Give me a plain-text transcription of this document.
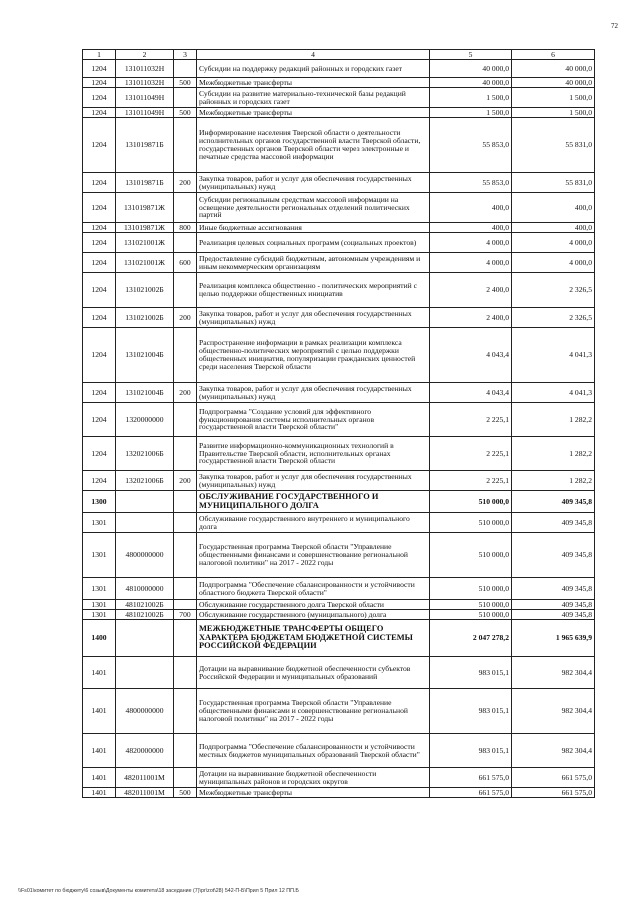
72
1	2	3	4	5	6
1204	131011032Н		Субсидии на поддержку редакций районных и городских газет	40 000,0	40 000,0
1204	131011032Н	500	Межбюджетные трансферты	40 000,0	40 000,0
1204	131011049Н		Субсидии на развитие материально-технической базы редакций районных и городских газет	1 500,0	1 500,0
1204	131011049Н	500	Межбюджетные трансферты	1 500,0	1 500,0
1204	131019871Б		Информирование населения Тверской области о деятельности исполнительных органов государственной власти Тверской области, государственных органов Тверской области через электронные и печатные средства массовой информации	55 853,0	55 831,0
1204	131019871Б	200	Закупка товаров, работ и услуг для обеспечения государственных (муниципальных) нужд	55 853,0	55 831,0
1204	131019871Ж		Субсидии региональным средствам массовой информации на освещение деятельности региональных отделений политических партий	400,0	400,0
1204	131019871Ж	800	Иные бюджетные ассигнования	400,0	400,0
1204	131021001Ж		Реализация целевых социальных программ (социальных проектов)	4 000,0	4 000,0
1204	131021001Ж	600	Предоставление субсидий бюджетным, автономным учреждениям и иным некоммерческим организациям	4 000,0	4 000,0
1204	131021002Б		Реализация комплекса общественно - политических мероприятий с целью поддержки общественных инициатив	2 400,0	2 326,5
1204	131021002Б	200	Закупка товаров, работ и услуг для обеспечения государственных (муниципальных) нужд	2 400,0	2 326,5
1204	131021004Б		Распространение информации в рамках реализации комплекса общественно-политических мероприятий с целью поддержки общественных инициатив, популяризации гражданских ценностей среди населения Тверской области	4 043,4	4 041,3
1204	131021004Б	200	Закупка товаров, работ и услуг для обеспечения государственных (муниципальных) нужд	4 043,4	4 041,3
1204	1320000000		Подпрограмма "Создание условий для эффективного функционирования системы исполнительных органов государственной власти Тверской области"	2 225,1	1 282,2
1204	132021006Б		Развитие информационно-коммуникационных технологий в Правительстве Тверской области, исполнительных органах государственной власти Тверской области	2 225,1	1 282,2
1204	132021006Б	200	Закупка товаров, работ и услуг для обеспечения государственных (муниципальных) нужд	2 225,1	1 282,2
1300			ОБСЛУЖИВАНИЕ ГОСУДАРСТВЕННОГО И МУНИЦИПАЛЬНОГО ДОЛГА	510 000,0	409 345,8
1301			Обслуживание государственного внутреннего и муниципального долга	510 000,0	409 345,8
1301	4800000000		Государственная программа Тверской области "Управление общественными финансами и совершенствование региональной налоговой политики" на 2017 - 2022 годы	510 000,0	409 345,8
1301	4810000000		Подпрограмма "Обеспечение сбалансированности и устойчивости областного бюджета Тверской области"	510 000,0	409 345,8
1301	481021002Б		Обслуживание государственного долга Тверской области	510 000,0	409 345,8
1301	481021002Б	700	Обслуживание государственного (муниципального) долга	510 000,0	409 345,8
1400			МЕЖБЮДЖЕТНЫЕ ТРАНСФЕРТЫ ОБЩЕГО ХАРАКТЕРА БЮДЖЕТАМ БЮДЖЕТНОЙ СИСТЕМЫ РОССИЙСКОЙ ФЕДЕРАЦИИ	2 047 278,2	1 965 639,9
1401			Дотации на выравнивание бюджетной обеспеченности субъектов Российской Федерации и муниципальных образований	983 015,1	982 304,4
1401	4800000000		Государственная программа Тверской области "Управление общественными финансами и совершенствование региональной налоговой политики" на 2017 - 2022 годы	983 015,1	982 304,4
1401	4820000000		Подпрограмма "Обеспечение сбалансированности и устойчивости местных бюджетов муниципальных образований Тверской области"	983 015,1	982 304,4
1401	482011001М		Дотации на выравнивание бюджетной обеспеченности муниципальных районов и городских округов	661 575,0	661 575,0
1401	482011001М	500	Межбюджетные трансферты	661 575,0	661 575,0
\\Fs01\комитет по бюджету\6 созыв\Документы комитета\18 заседание (7)\pr\zot\28) 542-П-Б\Прил 5 Прил 12 ПП.Б
